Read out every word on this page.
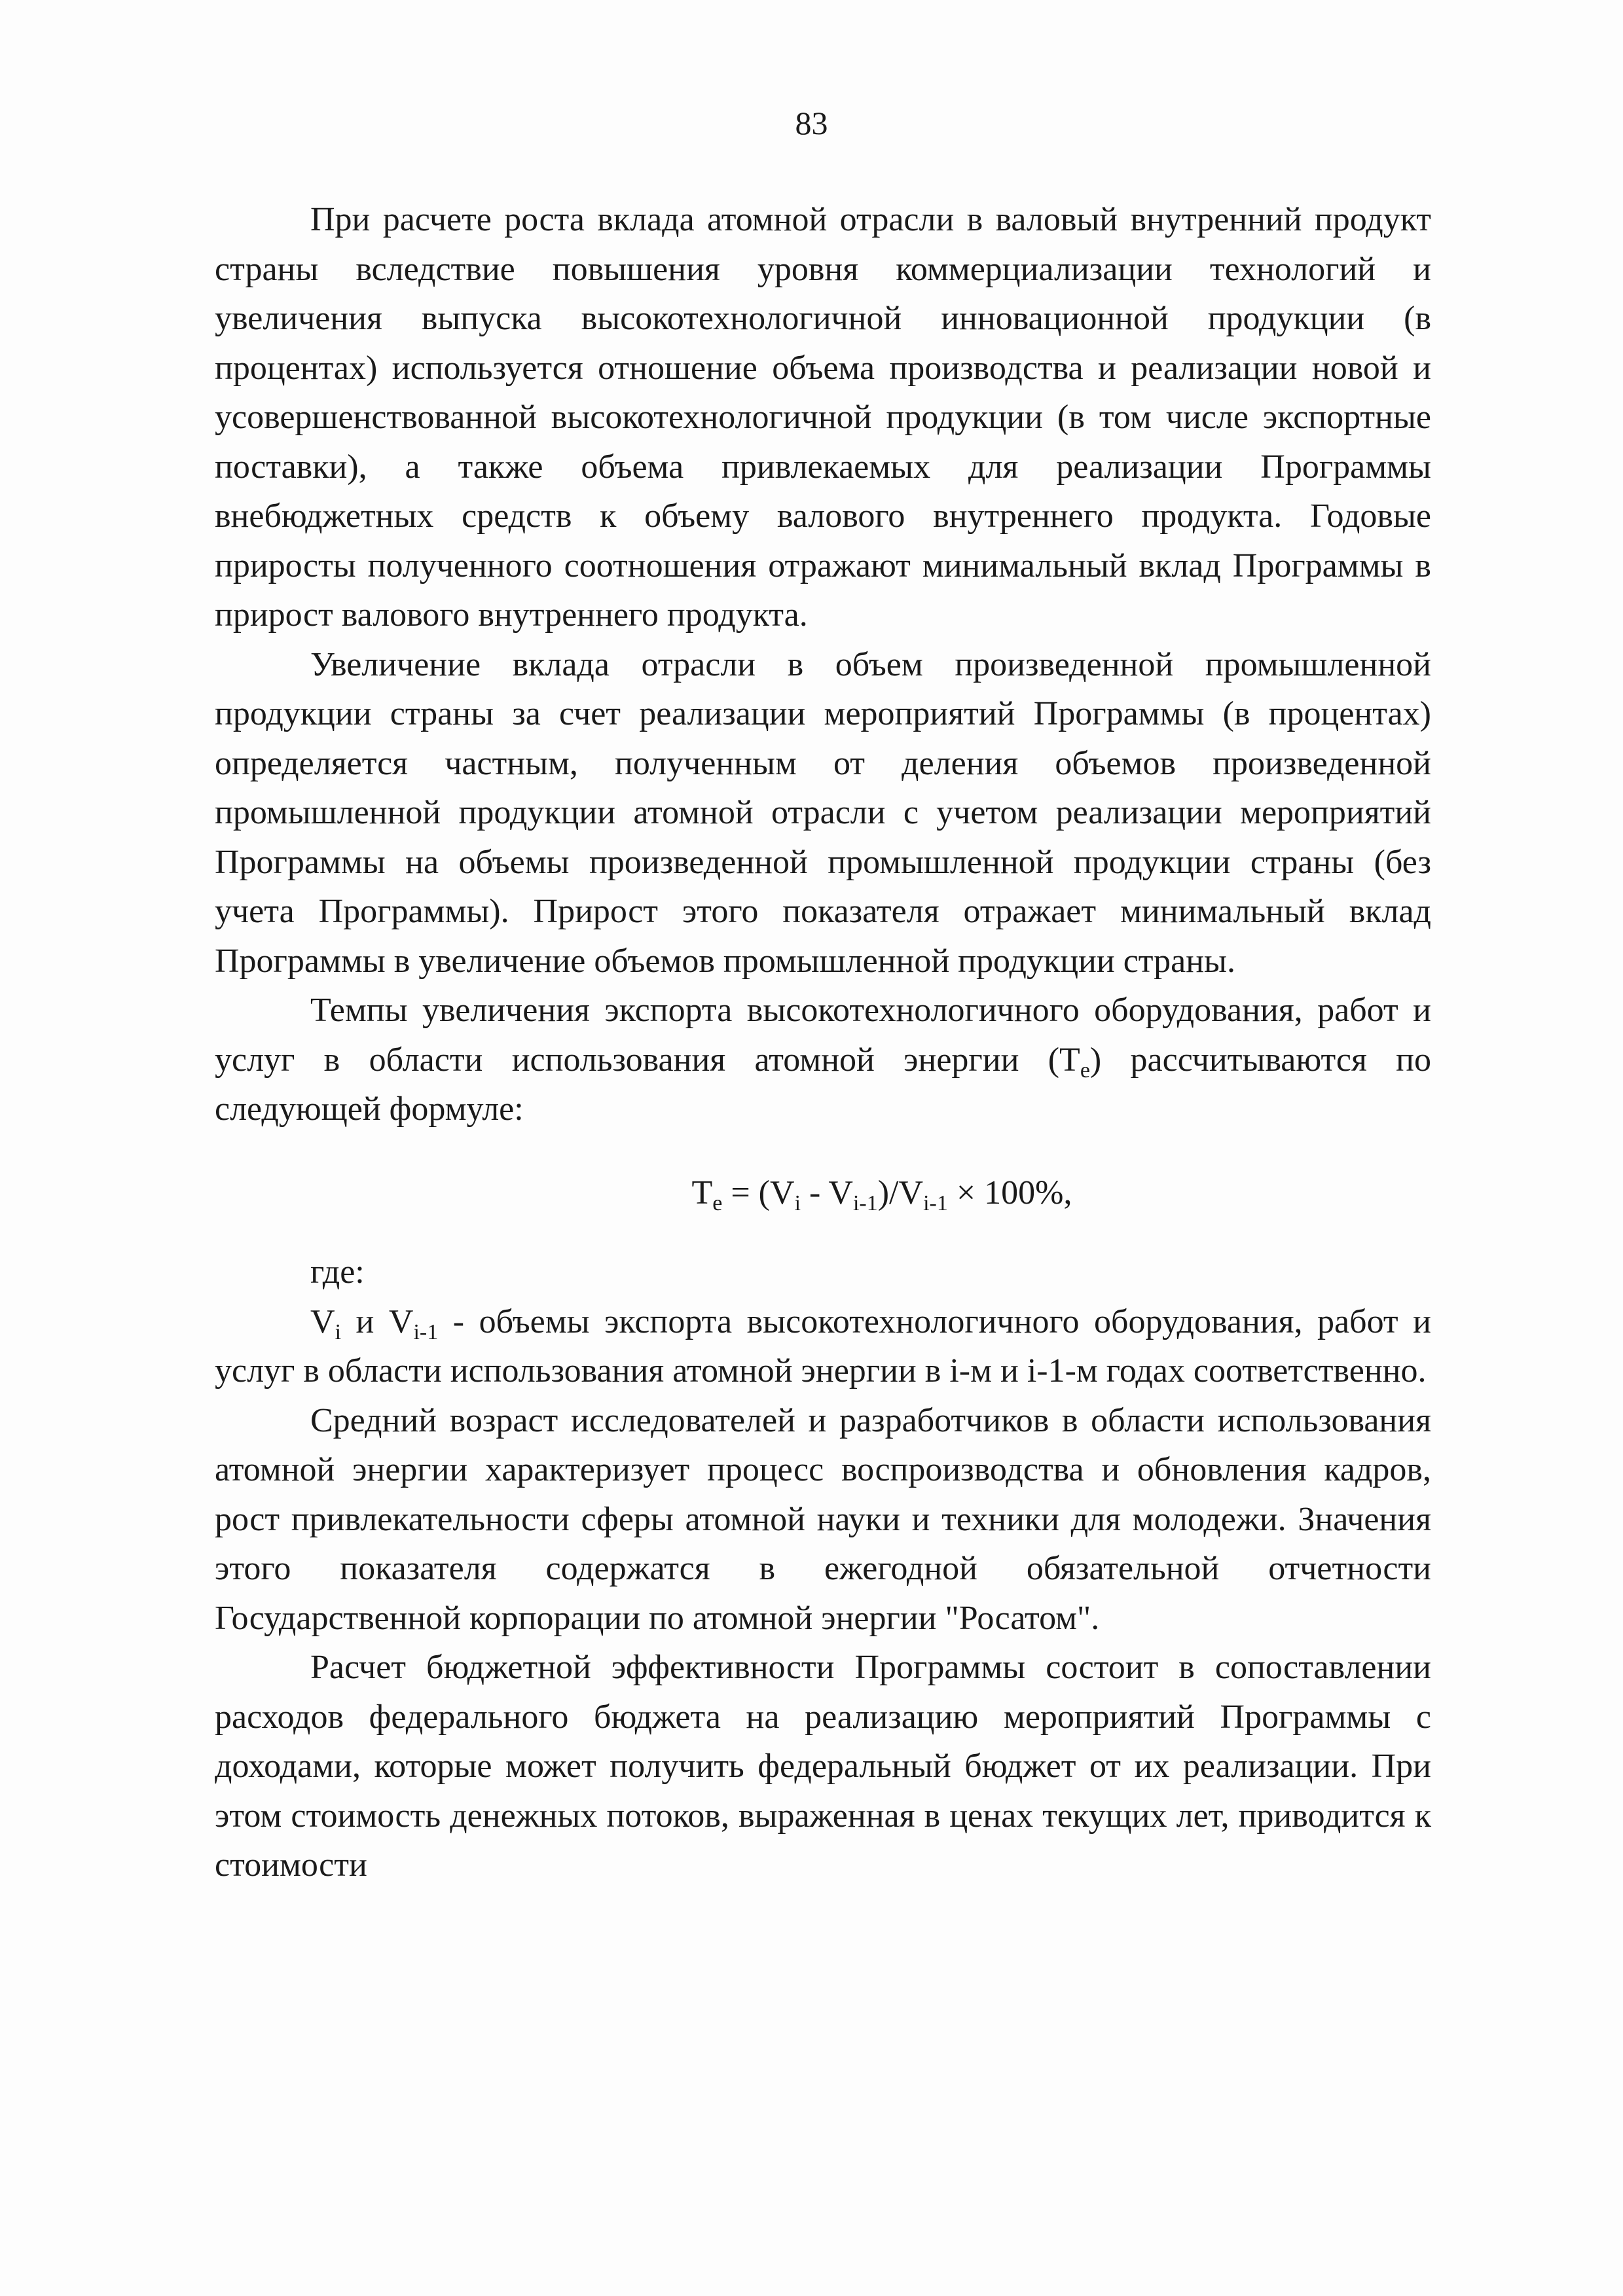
83

При расчете роста вклада атомной отрасли в валовый внутренний продукт страны вследствие повышения уровня коммерциализации технологий и увеличения выпуска высокотехнологичной инновационной продукции (в процентах) используется отношение объема производства и реализации новой и усовершенствованной высокотехнологичной продукции (в том числе экспортные поставки), а также объема привлекаемых для реализации Программы внебюджетных средств к объему валового внутреннего продукта. Годовые приросты полученного соотношения отражают минимальный вклад Программы в прирост валового внутреннего продукта.

Увеличение вклада отрасли в объем произведенной промышленной продукции страны за счет реализации мероприятий Программы (в процентах) определяется частным, полученным от деления объемов произведенной промышленной продукции атомной отрасли с учетом реализации мероприятий Программы на объемы произведенной промышленной продукции страны (без учета Программы). Прирост этого показателя отражает минимальный вклад Программы в увеличение объемов промышленной продукции страны.

Темпы увеличения экспорта высокотехнологичного оборудования, работ и услуг в области использования атомной энергии $(T_e)$ рассчитываются по следующей формуле:

$T_e = (V_i - V_{i-1})/V_{i-1} \times 100\%$,

где:

$V_i$ и $V_{i-1}$ - объемы экспорта высокотехнологичного оборудования, работ и услуг в области использования атомной энергии в i-м и i-1-м годах соответственно.

Средний возраст исследователей и разработчиков в области использования атомной энергии характеризует процесс воспроизводства и обновления кадров, рост привлекательности сферы атомной науки и техники для молодежи. Значения этого показателя содержатся в ежегодной обязательной отчетности Государственной корпорации по атомной энергии "Росатом".

Расчет бюджетной эффективности Программы состоит в сопоставлении расходов федерального бюджета на реализацию мероприятий Программы с доходами, которые может получить федеральный бюджет от их реализации. При этом стоимость денежных потоков, выраженная в ценах текущих лет, приводится к стоимости
